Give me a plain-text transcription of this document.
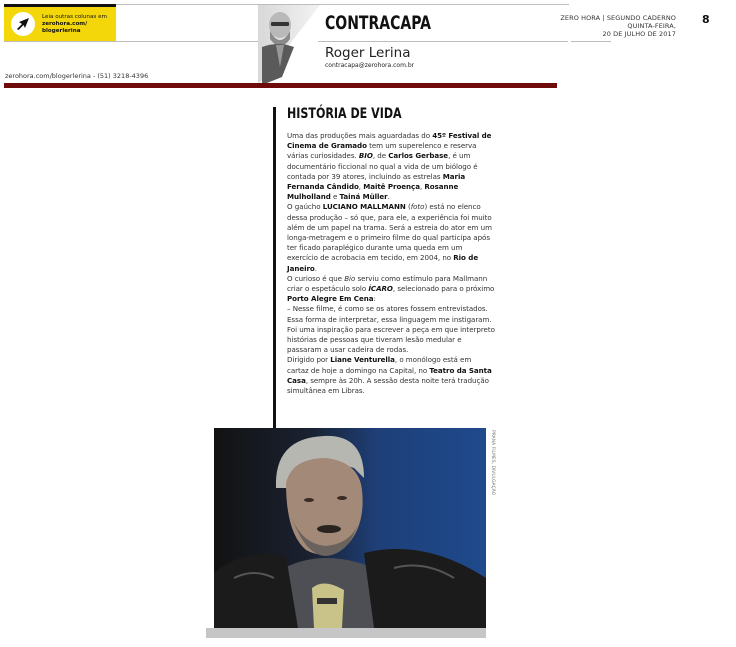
Leia outras colunas em
zerohora.com/
blogerlerina	CONTRACAPA
Roger Lerina
contracapa@zerohora.com.br
ZERO HORA | SEGUNDO CADERNO
QUINTA-FEIRA,
20 DE JULHO DE 2017
8
zerohora.com/blogerlerina - (51) 3218-4396
HISTÓRIA DE VIDA

Uma das produções mais aguardadas do 45º Festival de Cinema de Gramado tem um superelenco e reserva várias curiosidades. BIO, de Carlos Gerbase, é um documentário ficcional no qual a vida de um biólogo é contada por 39 atores, incluindo as estrelas Maria Fernanda Cândido, Maitê Proença, Rosanne Mulholland e Tainá Müller.

O gaúcho LUCIANO MALLMANN (foto) está no elenco dessa produção – só que, para ele, a experiência foi muito além de um papel na trama. Será a estreia do ator em um longa-metragem e o primeiro filme do qual participa após ter ficado paraplégico durante uma queda em um exercício de acrobacia em tecido, em 2004, no Rio de Janeiro.

O curioso é que Bio serviu como estímulo para Mallmann criar o espetáculo solo ÍCARO, selecionado para o próximo Porto Alegre Em Cena:

– Nesse filme, é como se os atores fossem entrevistados. Essa forma de interpretar, essa linguagem me instigaram. Foi uma inspiração para escrever a peça em que interpreto histórias de pessoas que tiveram lesão medular e passaram a usar cadeira de rodas.

Dirigido por Liane Venturella, o monólogo está em cartaz de hoje a domingo na Capital, no Teatro da Santa Casa, sempre às 20h. A sessão desta noite terá tradução simultânea em Libras.

PRANA FILMES, DIVULGAÇÃO
